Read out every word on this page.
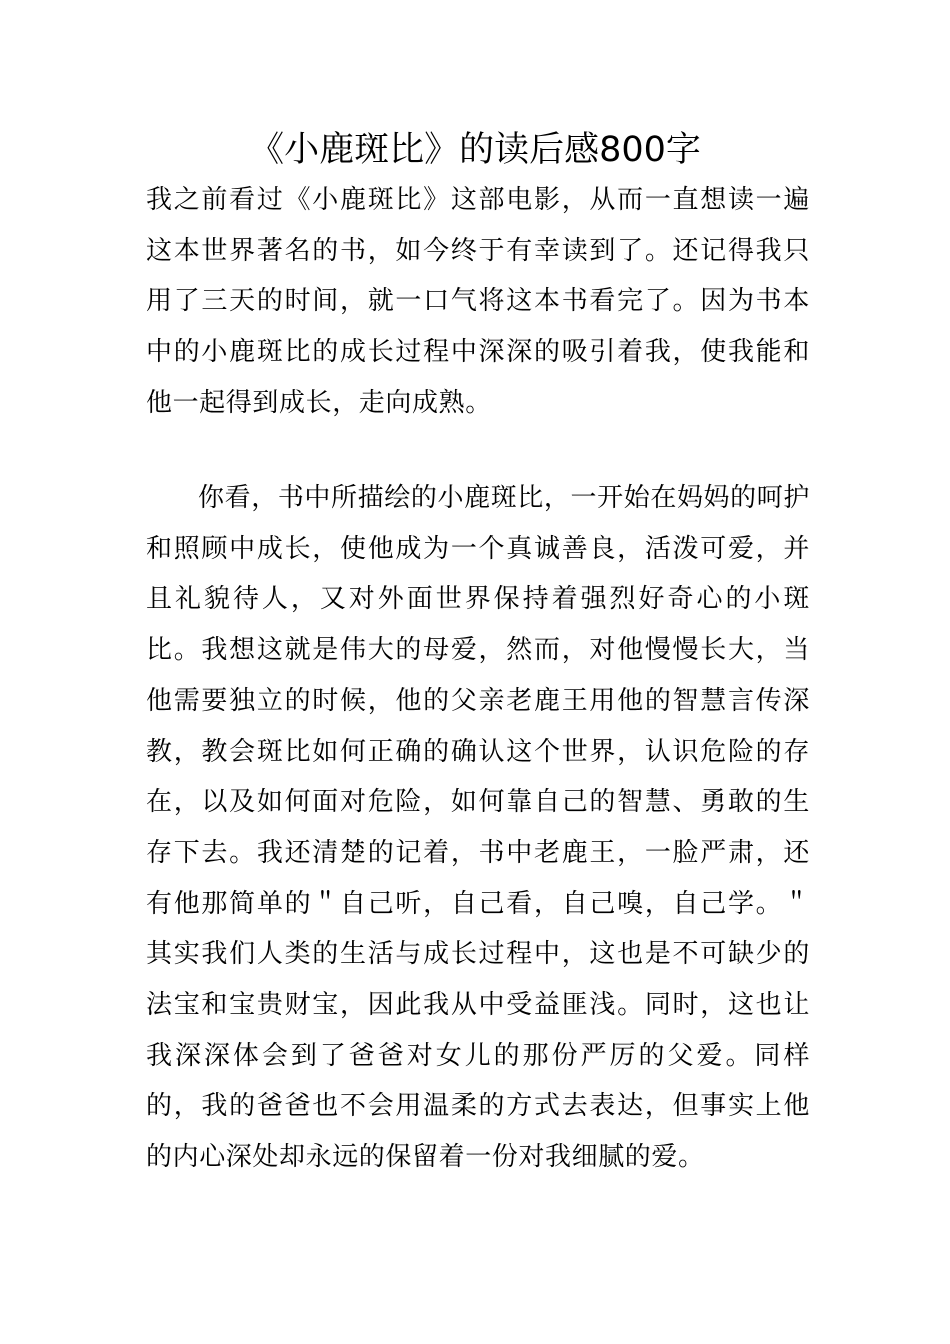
《小鹿斑比》的读后感800字

我之前看过《小鹿斑比》这部电影，从而一直想读一遍这本世界著名的书，如今终于有幸读到了。还记得我只用了三天的时间，就一口气将这本书看完了。因为书本中的小鹿斑比的成长过程中深深的吸引着我，使我能和他一起得到成长，走向成熟。

你看，书中所描绘的小鹿斑比，一开始在妈妈的呵护和照顾中成长，使他成为一个真诚善良，活泼可爱，并且礼貌待人，又对外面世界保持着强烈好奇心的小斑比。我想这就是伟大的母爱，然而，对他慢慢长大，当他需要独立的时候，他的父亲老鹿王用他的智慧言传深教，教会斑比如何正确的确认这个世界，认识危险的存在，以及如何面对危险，如何靠自己的智慧、勇敢的生存下去。我还清楚的记着，书中老鹿王，一脸严肃，还有他那简单的＂自己听，自己看，自己嗅，自己学。＂其实我们人类的生活与成长过程中，这也是不可缺少的法宝和宝贵财宝，因此我从中受益匪浅。同时，这也让我深深体会到了爸爸对女儿的那份严厉的父爱。同样的，我的爸爸也不会用温柔的方式去表达，但事实上他的内心深处却永远的保留着一份对我细腻的爱。
